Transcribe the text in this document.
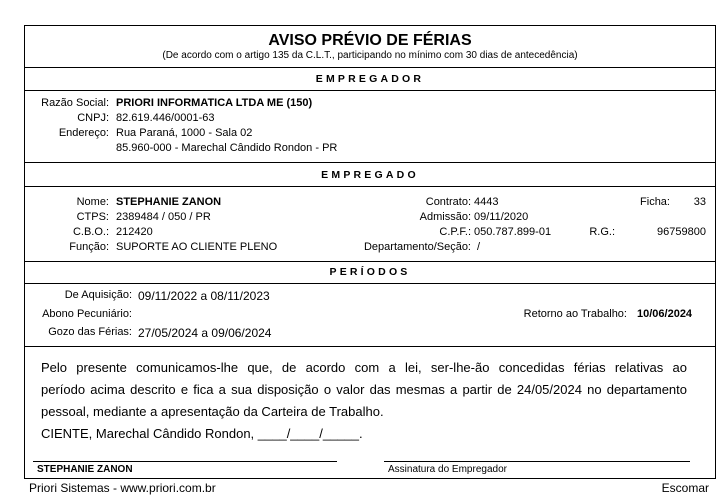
AVISO PRÉVIO DE FÉRIAS
(De acordo com o artigo 135 da C.L.T., participando no mínimo com 30 dias de antecedência)
EMPREGADOR
Razão Social: PRIORI INFORMATICA LTDA ME (150)
CNPJ: 82.619.446/0001-63
Endereço: Rua Paraná, 1000 - Sala 02
85.960-000 - Marechal Cândido Rondon - PR
EMPREGADO
Nome: STEPHANIE ZANON	Contrato: 4443	Ficha:	33
CTPS: 2389484 / 050 / PR	Admissão: 09/11/2020
C.B.O.: 212420	C.P.F.: 050.787.899-01	R.G.:	96759800
Função: SUPORTE AO CLIENTE PLENO	Departamento/Seção: /
PERÍODOS
De Aquisição: 09/11/2022 a 08/11/2023
Abono Pecuniário:	Retorno ao Trabalho: 10/06/2024
Gozo das Férias: 27/05/2024 a 09/06/2024
Pelo presente comunicamos-lhe que, de acordo com a lei, ser-lhe-ão concedidas férias relativas ao
período acima descrito e fica a sua disposição o valor das mesmas a partir de 24/05/2024 no departamento
pessoal, mediante a apresentação da Carteira de Trabalho.
CIENTE, Marechal Cândido Rondon, ____/____/_____.
STEPHANIE ZANON	Assinatura do Empregador
Priori Sistemas - www.priori.com.br	Escomar
